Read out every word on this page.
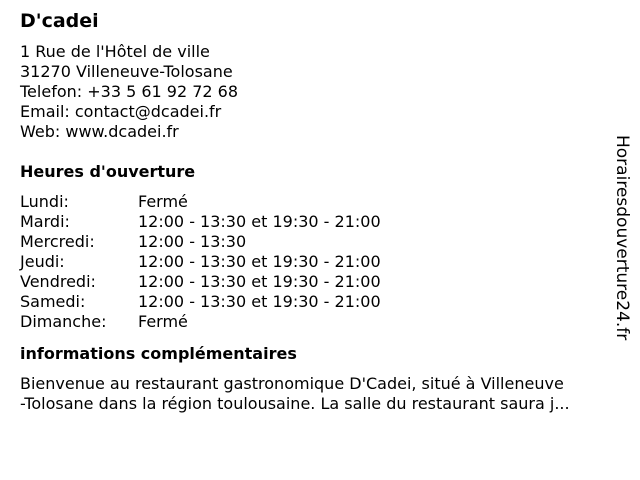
D'cadei
1 Rue de l'Hôtel de ville
31270 Villeneuve-Tolosane
Telefon: +33 5 61 92 72 68
Email: contact@dcadei.fr
Web: www.dcadei.fr
Heures d'ouverture
Lundi:	Fermé
Mardi:	12:00 - 13:30 et 19:30 - 21:00
Mercredi:	12:00 - 13:30
Jeudi:	12:00 - 13:30 et 19:30 - 21:00
Vendredi:	12:00 - 13:30 et 19:30 - 21:00
Samedi:	12:00 - 13:30 et 19:30 - 21:00
Dimanche:	Fermé
informations complémentaires
Bienvenue au restaurant gastronomique D'Cadei, situé à Villeneuve
-Tolosane dans la région toulousaine. La salle du restaurant saura j...
Horairesdouverture24.fr
